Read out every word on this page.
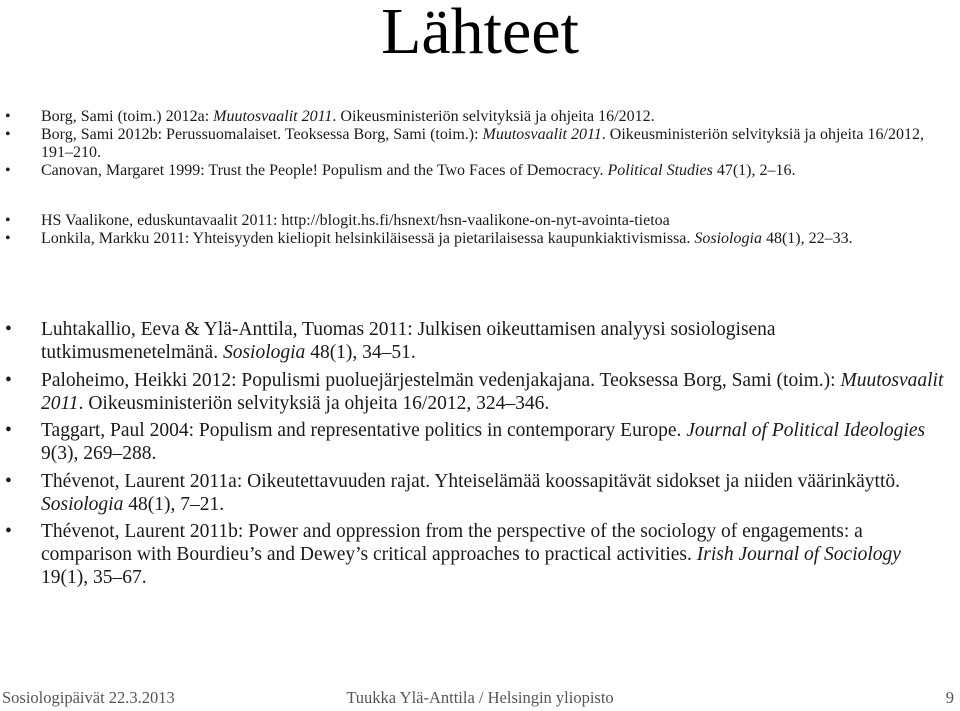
Lähteet
• Borg, Sami (toim.) 2012a: Muutosvaalit 2011. Oikeusministeriön selvityksiä ja ohjeita 16/2012.
• Borg, Sami 2012b: Perussuomalaiset. Teoksessa Borg, Sami (toim.): Muutosvaalit 2011. Oikeusministeriön selvityksiä ja ohjeita 16/2012, 191–210.
• Canovan, Margaret 1999: Trust the People! Populism and the Two Faces of Democracy. Political Studies 47(1), 2–16.
• HS Vaalikone, eduskuntavaalit 2011: http://blogit.hs.fi/hsnext/hsn-vaalikone-on-nyt-avointa-tietoa
• Lonkila, Markku 2011: Yhteisyyden kieliopit helsinkiläisessä ja pietarilaisessa kaupunkiaktivismissa. Sosiologia 48(1), 22–33.
• Luhtakallio, Eeva & Ylä-Anttila, Tuomas 2011: Julkisen oikeuttamisen analyysi sosiologisena tutkimusmenetelmänä. Sosiologia 48(1), 34–51.
• Paloheimo, Heikki 2012: Populismi puoluejärjestelmän vedenjakajana. Teoksessa Borg, Sami (toim.): Muutosvaalit 2011. Oikeusministeriön selvityksiä ja ohjeita 16/2012, 324–346.
• Taggart, Paul 2004: Populism and representative politics in contemporary Europe. Journal of Political Ideologies 9(3), 269–288.
• Thévenot, Laurent 2011a: Oikeutettavuuden rajat. Yhteiselämää koossapitävät sidokset ja niiden väärinkäyttö. Sosiologia 48(1), 7–21.
• Thévenot, Laurent 2011b: Power and oppression from the perspective of the sociology of engagements: a comparison with Bourdieu’s and Dewey’s critical approaches to practical activities. Irish Journal of Sociology 19(1), 35–67.
Sosiologipäivät 22.3.2013	Tuukka Ylä-Anttila / Helsingin yliopisto	9
